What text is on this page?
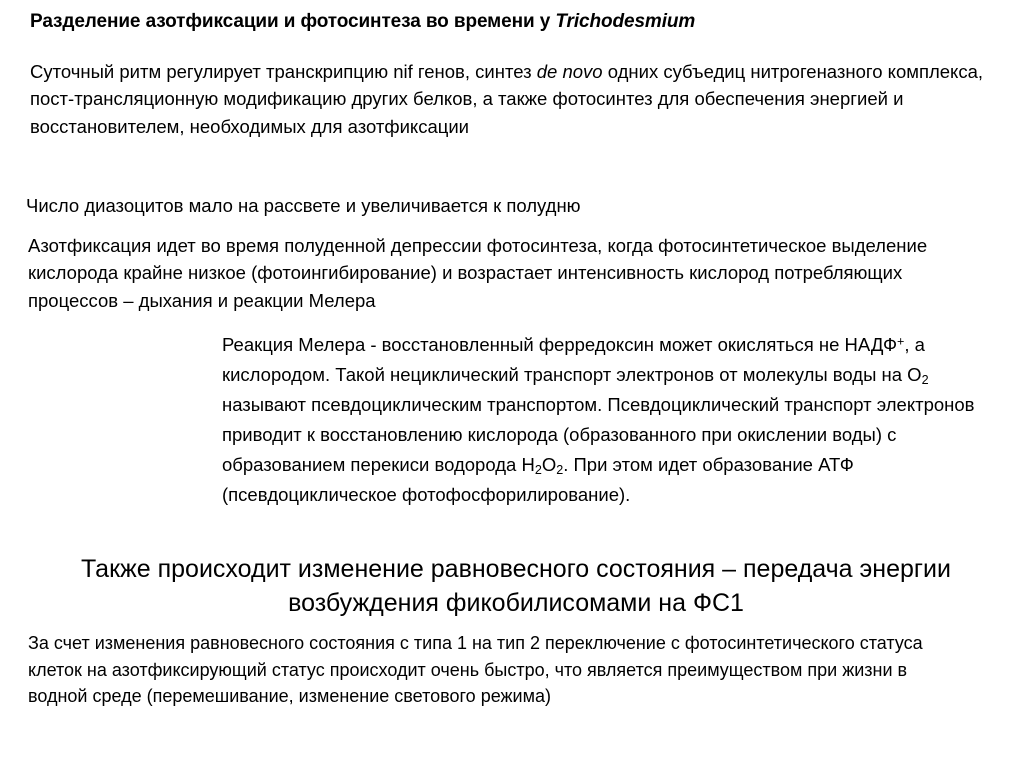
Разделение азотфиксации и фотосинтеза во времени у Trichodesmium
Суточный ритм регулирует транскрипцию nif генов, синтез de novo одних субъедиц нитрогеназного комплекса, пост-трансляционную модификацию других белков, а также фотосинтез для обеспечения энергией и восстановителем, необходимых для азотфиксации
Число диазоцитов мало на рассвете и увеличивается к полудню
Азотфиксация идет во время полуденной депрессии фотосинтеза, когда фотосинтетическое выделение кислорода крайне низкое (фотоингибирование) и возрастает интенсивность кислород потребляющих процессов – дыхания и реакции Мелера
Реакция Мелера - восстановленный ферредоксин может окисляться не НАДФ+, а кислородом. Такой нециклический транспорт электронов от молекулы воды на $О_2$ называют псевдоциклическим транспортом. Псевдоциклический транспорт электронов приводит к восстановлению кислорода (образованного при окислении воды) с образованием перекиси водорода $Н_2О_2$. При этом идет образование АТФ (псевдоциклическое фотофосфорилирование).
Также происходит изменение равновесного состояния – передача энергии возбуждения фикобилисомами на ФС1
За счет изменения равновесного состояния с типа 1 на тип 2 переключение с фотосинтетического статуса клеток на азотфиксирующий статус происходит очень быстро, что является преимуществом при жизни в водной среде (перемешивание, изменение светового режима)
